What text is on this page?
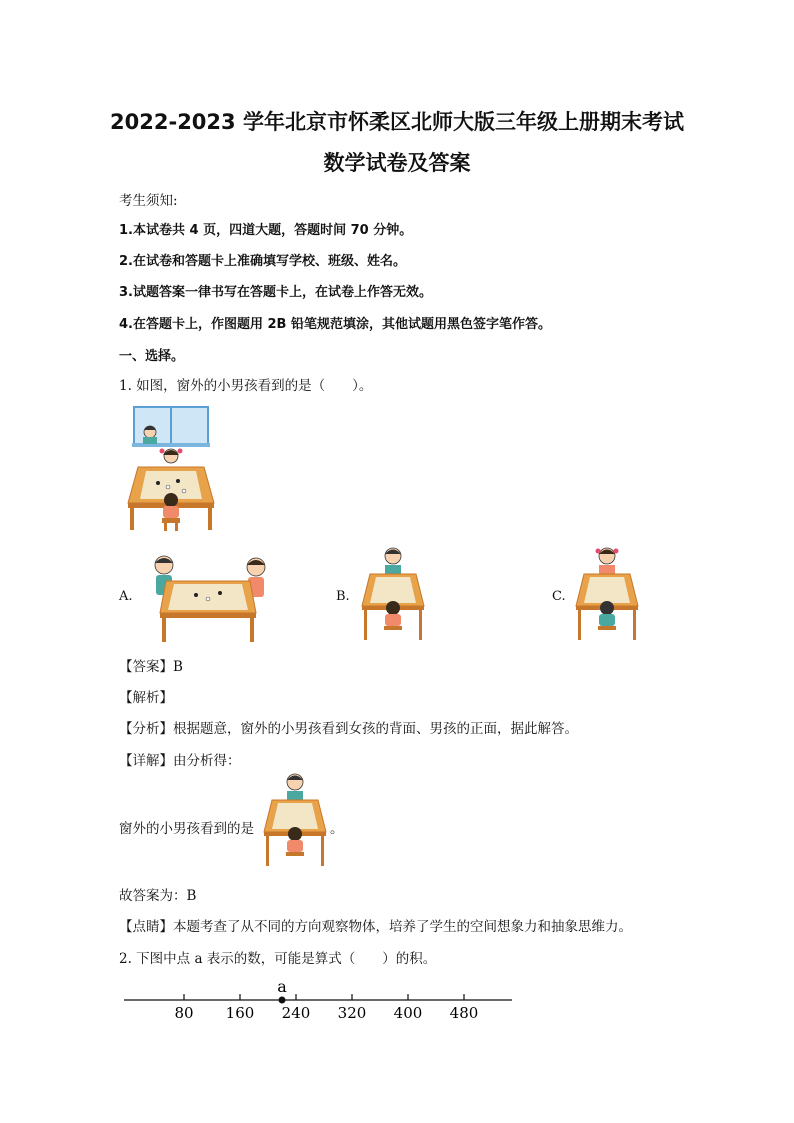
2022-2023 学年北京市怀柔区北师大版三年级上册期末考试
数学试卷及答案
考生须知:
1.本试卷共 4 页，四道大题，答题时间 70 分钟。
2.在试卷和答题卡上准确填写学校、班级、姓名。
3.试题答案一律书写在答题卡上，在试卷上作答无效。
4.在答题卡上，作图题用 2B 铅笔规范填涂，其他试题用黑色签字笔作答。
一、选择。
1. 如图，窗外的小男孩看到的是（　　）。
A.	B.	C.
【答案】B
【解析】
【分析】根据题意，窗外的小男孩看到女孩的背面、男孩的正面，据此解答。
【详解】由分析得：
窗外的小男孩看到的是	。
故答案为：B
【点睛】本题考查了从不同的方向观察物体，培养了学生的空间想象力和抽象思维力。
2. 下图中点 a 表示的数，可能是算式（　　）的积。
80 160 240 320 400 480
a
